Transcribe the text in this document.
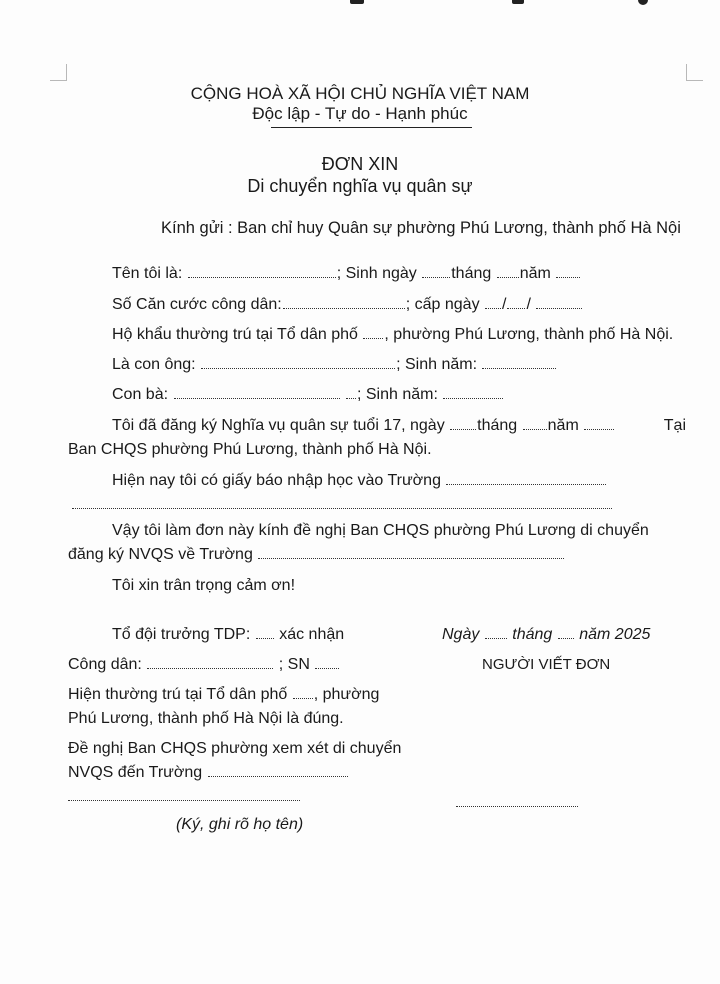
CỘNG HOÀ XÃ HỘI CHỦ NGHĨA VIỆT NAM
Độc lập - Tự do - Hạnh phúc
ĐƠN XIN
Di chuyển nghĩa vụ quân sự
Kính gửi : Ban chỉ huy Quân sự phường Phú Lương, thành phố Hà Nội
Tên tôi là:	; Sinh ngày tháng năm
Số Căn cước công dân:	; cấp ngày / /
Hộ khẩu thường trú tại Tổ dân phố , phường Phú Lương, thành phố Hà Nội.
Là con ông:	; Sinh năm:
Con bà:	; Sinh năm:
Tôi đã đăng ký Nghĩa vụ quân sự tuổi 17, ngày tháng năm	Tại
Ban CHQS phường Phú Lương, thành phố Hà Nội.
Hiện nay tôi có giấy báo nhập học vào Trường
Vậy tôi làm đơn này kính đề nghị Ban CHQS phường Phú Lương di chuyển
đăng ký NVQS về Trường
Tôi xin trân trọng cảm ơn!
Tổ đội trưởng TDP: xác nhận
Công dân:	; SN
Hiện thường trú tại Tổ dân phố , phường
Phú Lương, thành phố Hà Nội là đúng.
Đề nghị Ban CHQS phường xem xét di chuyển
NVQS đến Trường
(Ký, ghi rõ họ tên)
Ngày tháng năm 2025
NGƯỜI VIẾT ĐƠN
